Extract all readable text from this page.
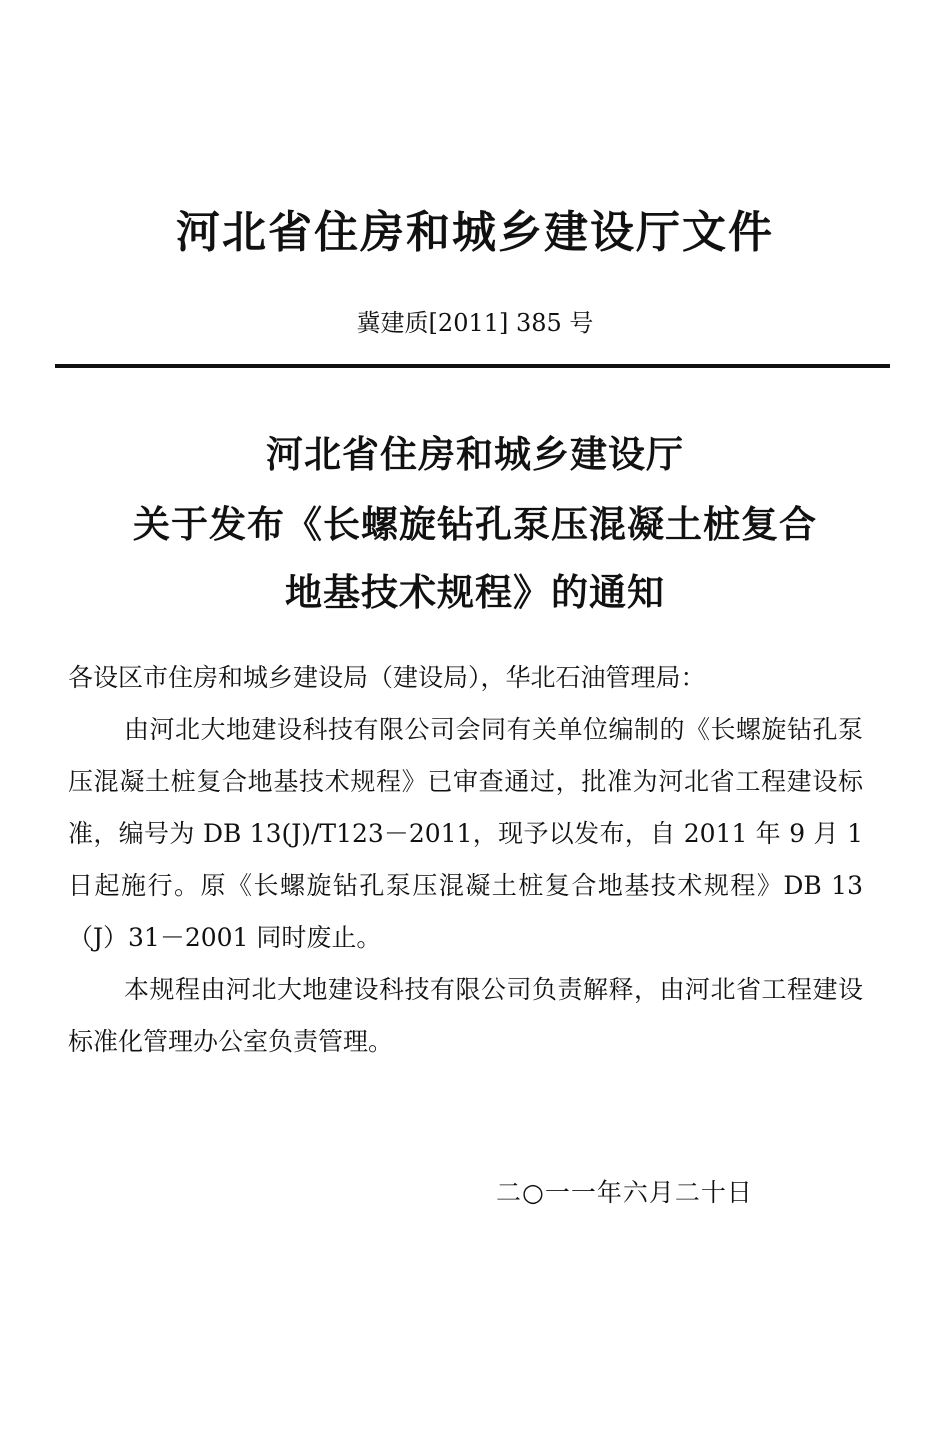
河北省住房和城乡建设厅文件
冀建质[2011] 385 号
河北省住房和城乡建设厅
关于发布《长螺旋钻孔泵压混凝土桩复合
地基技术规程》的通知
各设区市住房和城乡建设局（建设局），华北石油管理局：
由河北大地建设科技有限公司会同有关单位编制的《长螺旋钻孔泵压混凝土桩复合地基技术规程》已审查通过，批准为河北省工程建设标准，编号为 DB 13(J)/T123－2011，现予以发布，自 2011 年 9 月 1 日起施行。原《长螺旋钻孔泵压混凝土桩复合地基技术规程》DB 13（J）31－2001 同时废止。
本规程由河北大地建设科技有限公司负责解释，由河北省工程建设标准化管理办公室负责管理。
二○一一年六月二十日
